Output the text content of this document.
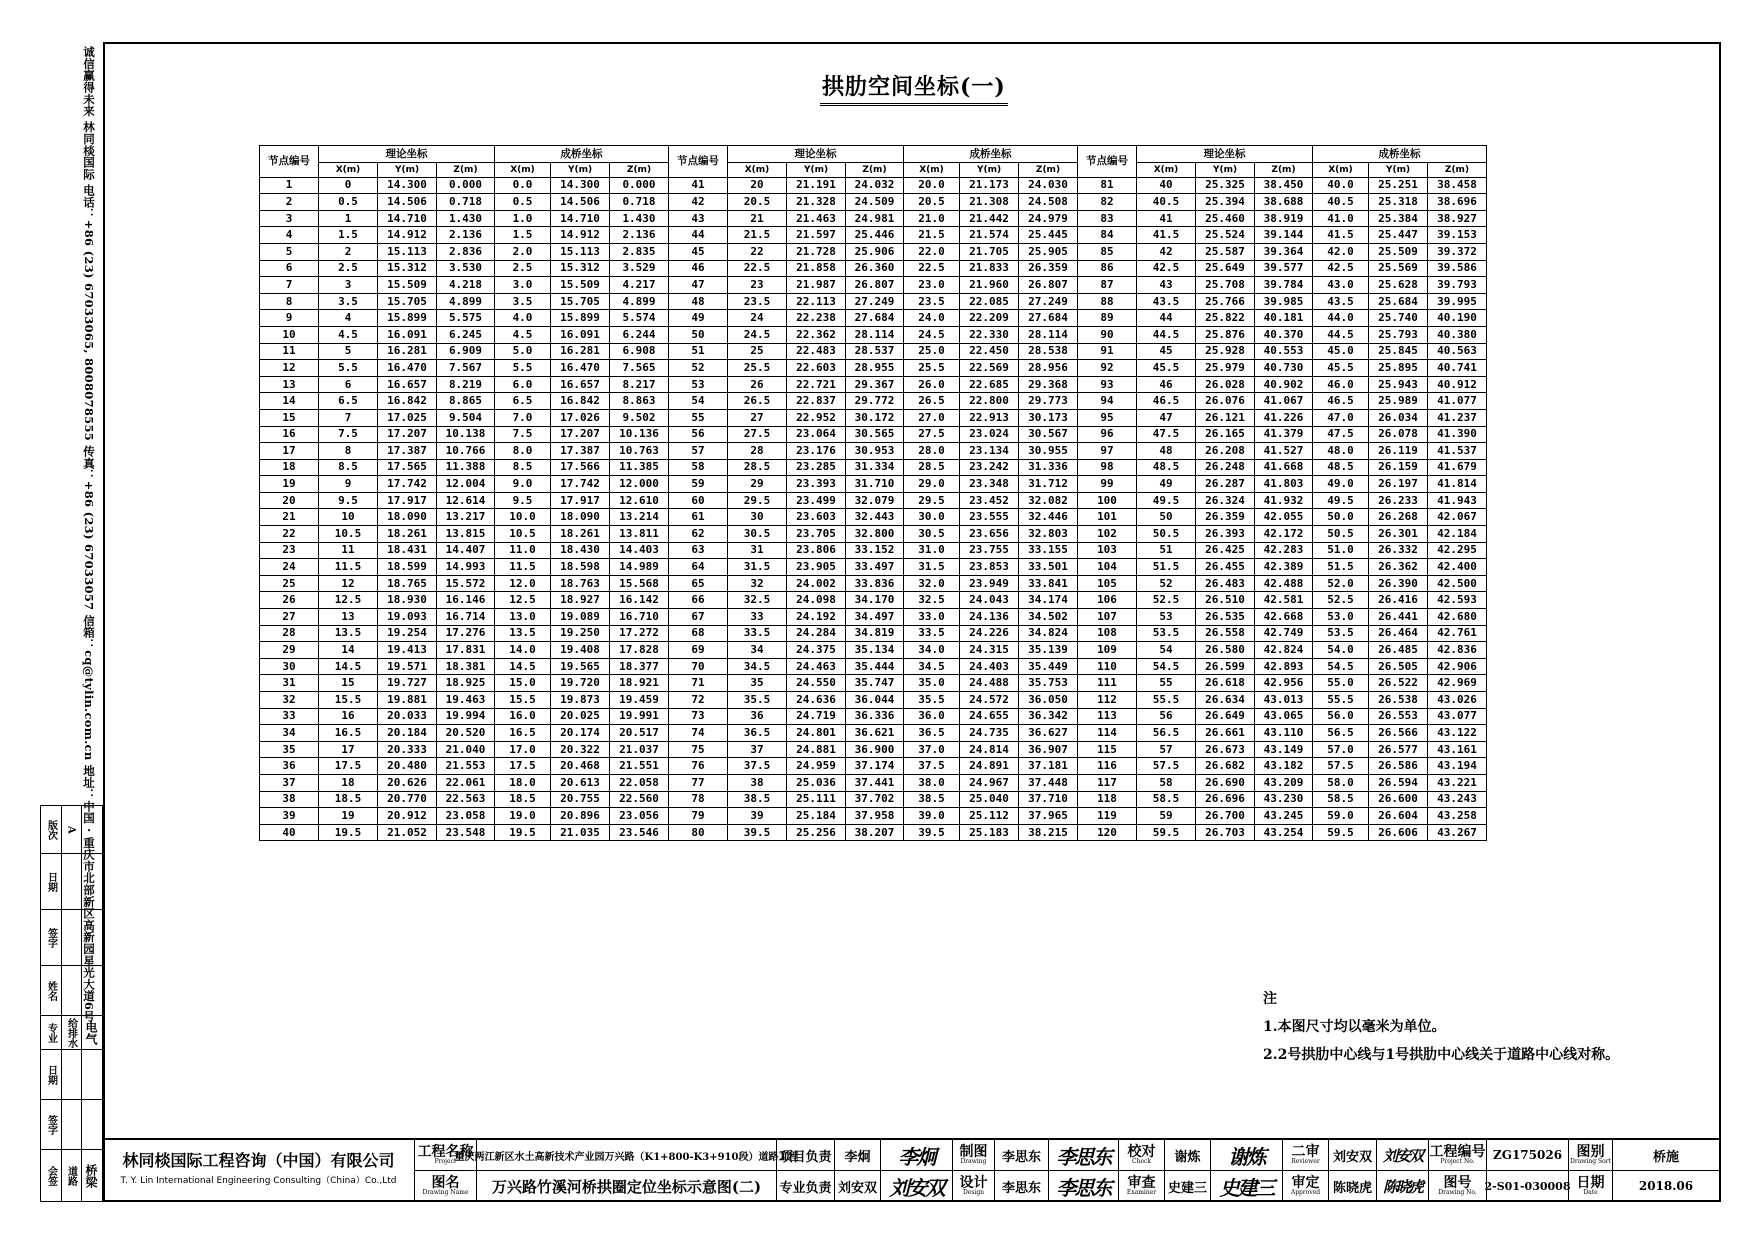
诚信赢得未来 林同棪国际 电话：+86 (23) 67033065, 8008078555 传真：+86 (23) 67033057 信箱：cq@tylin.com.cn 地址：中国 · 重庆市北部新区高新园星光大道6号
版次 A
日期
签字
姓名
专业 给排水 电气
日期
签字
会签 道路 桥梁
拱肋空间坐标(一)
节点编号	理论坐标			成桥坐标			节点编号	理论坐标			成桥坐标			节点编号	理论坐标			成桥坐标		
	X(m)	Y(m)	Z(m)	X(m)	Y(m)	Z(m)		X(m)	Y(m)	Z(m)	X(m)	Y(m)	Z(m)		X(m)	Y(m)	Z(m)	X(m)	Y(m)	Z(m)
1	0	14.300	0.000	0.0	14.300	0.000	41	20	21.191	24.032	20.0	21.173	24.030	81	40	25.325	38.450	40.0	25.251	38.458
2	0.5	14.506	0.718	0.5	14.506	0.718	42	20.5	21.328	24.509	20.5	21.308	24.508	82	40.5	25.394	38.688	40.5	25.318	38.696
3	1	14.710	1.430	1.0	14.710	1.430	43	21	21.463	24.981	21.0	21.442	24.979	83	41	25.460	38.919	41.0	25.384	38.927
4	1.5	14.912	2.136	1.5	14.912	2.136	44	21.5	21.597	25.446	21.5	21.574	25.445	84	41.5	25.524	39.144	41.5	25.447	39.153
5	2	15.113	2.836	2.0	15.113	2.835	45	22	21.728	25.906	22.0	21.705	25.905	85	42	25.587	39.364	42.0	25.509	39.372
6	2.5	15.312	3.530	2.5	15.312	3.529	46	22.5	21.858	26.360	22.5	21.833	26.359	86	42.5	25.649	39.577	42.5	25.569	39.586
7	3	15.509	4.218	3.0	15.509	4.217	47	23	21.987	26.807	23.0	21.960	26.807	87	43	25.708	39.784	43.0	25.628	39.793
8	3.5	15.705	4.899	3.5	15.705	4.899	48	23.5	22.113	27.249	23.5	22.085	27.249	88	43.5	25.766	39.985	43.5	25.684	39.995
9	4	15.899	5.575	4.0	15.899	5.574	49	24	22.238	27.684	24.0	22.209	27.684	89	44	25.822	40.181	44.0	25.740	40.190
10	4.5	16.091	6.245	4.5	16.091	6.244	50	24.5	22.362	28.114	24.5	22.330	28.114	90	44.5	25.876	40.370	44.5	25.793	40.380
11	5	16.281	6.909	5.0	16.281	6.908	51	25	22.483	28.537	25.0	22.450	28.538	91	45	25.928	40.553	45.0	25.845	40.563
12	5.5	16.470	7.567	5.5	16.470	7.565	52	25.5	22.603	28.955	25.5	22.569	28.956	92	45.5	25.979	40.730	45.5	25.895	40.741
13	6	16.657	8.219	6.0	16.657	8.217	53	26	22.721	29.367	26.0	22.685	29.368	93	46	26.028	40.902	46.0	25.943	40.912
14	6.5	16.842	8.865	6.5	16.842	8.863	54	26.5	22.837	29.772	26.5	22.800	29.773	94	46.5	26.076	41.067	46.5	25.989	41.077
15	7	17.025	9.504	7.0	17.026	9.502	55	27	22.952	30.172	27.0	22.913	30.173	95	47	26.121	41.226	47.0	26.034	41.237
16	7.5	17.207	10.138	7.5	17.207	10.136	56	27.5	23.064	30.565	27.5	23.024	30.567	96	47.5	26.165	41.379	47.5	26.078	41.390
17	8	17.387	10.766	8.0	17.387	10.763	57	28	23.176	30.953	28.0	23.134	30.955	97	48	26.208	41.527	48.0	26.119	41.537
18	8.5	17.565	11.388	8.5	17.566	11.385	58	28.5	23.285	31.334	28.5	23.242	31.336	98	48.5	26.248	41.668	48.5	26.159	41.679
19	9	17.742	12.004	9.0	17.742	12.000	59	29	23.393	31.710	29.0	23.348	31.712	99	49	26.287	41.803	49.0	26.197	41.814
20	9.5	17.917	12.614	9.5	17.917	12.610	60	29.5	23.499	32.079	29.5	23.452	32.082	100	49.5	26.324	41.932	49.5	26.233	41.943
21	10	18.090	13.217	10.0	18.090	13.214	61	30	23.603	32.443	30.0	23.555	32.446	101	50	26.359	42.055	50.0	26.268	42.067
22	10.5	18.261	13.815	10.5	18.261	13.811	62	30.5	23.705	32.800	30.5	23.656	32.803	102	50.5	26.393	42.172	50.5	26.301	42.184
23	11	18.431	14.407	11.0	18.430	14.403	63	31	23.806	33.152	31.0	23.755	33.155	103	51	26.425	42.283	51.0	26.332	42.295
24	11.5	18.599	14.993	11.5	18.598	14.989	64	31.5	23.905	33.497	31.5	23.853	33.501	104	51.5	26.455	42.389	51.5	26.362	42.400
25	12	18.765	15.572	12.0	18.763	15.568	65	32	24.002	33.836	32.0	23.949	33.841	105	52	26.483	42.488	52.0	26.390	42.500
26	12.5	18.930	16.146	12.5	18.927	16.142	66	32.5	24.098	34.170	32.5	24.043	34.174	106	52.5	26.510	42.581	52.5	26.416	42.593
27	13	19.093	16.714	13.0	19.089	16.710	67	33	24.192	34.497	33.0	24.136	34.502	107	53	26.535	42.668	53.0	26.441	42.680
28	13.5	19.254	17.276	13.5	19.250	17.272	68	33.5	24.284	34.819	33.5	24.226	34.824	108	53.5	26.558	42.749	53.5	26.464	42.761
29	14	19.413	17.831	14.0	19.408	17.828	69	34	24.375	35.134	34.0	24.315	35.139	109	54	26.580	42.824	54.0	26.485	42.836
30	14.5	19.571	18.381	14.5	19.565	18.377	70	34.5	24.463	35.444	34.5	24.403	35.449	110	54.5	26.599	42.893	54.5	26.505	42.906
31	15	19.727	18.925	15.0	19.720	18.921	71	35	24.550	35.747	35.0	24.488	35.753	111	55	26.618	42.956	55.0	26.522	42.969
32	15.5	19.881	19.463	15.5	19.873	19.459	72	35.5	24.636	36.044	35.5	24.572	36.050	112	55.5	26.634	43.013	55.5	26.538	43.026
33	16	20.033	19.994	16.0	20.025	19.991	73	36	24.719	36.336	36.0	24.655	36.342	113	56	26.649	43.065	56.0	26.553	43.077
34	16.5	20.184	20.520	16.5	20.174	20.517	74	36.5	24.801	36.621	36.5	24.735	36.627	114	56.5	26.661	43.110	56.5	26.566	43.122
35	17	20.333	21.040	17.0	20.322	21.037	75	37	24.881	36.900	37.0	24.814	36.907	115	57	26.673	43.149	57.0	26.577	43.161
36	17.5	20.480	21.553	17.5	20.468	21.551	76	37.5	24.959	37.174	37.5	24.891	37.181	116	57.5	26.682	43.182	57.5	26.586	43.194
37	18	20.626	22.061	18.0	20.613	22.058	77	38	25.036	37.441	38.0	24.967	37.448	117	58	26.690	43.209	58.0	26.594	43.221
38	18.5	20.770	22.563	18.5	20.755	22.560	78	38.5	25.111	37.702	38.5	25.040	37.710	118	58.5	26.696	43.230	58.5	26.600	43.243
39	19	20.912	23.058	19.0	20.896	23.056	79	39	25.184	37.958	39.0	25.112	37.965	119	59	26.700	43.245	59.0	26.604	43.258
40	19.5	21.052	23.548	19.5	21.035	23.546	80	39.5	25.256	38.207	39.5	25.183	38.215	120	59.5	26.703	43.254	59.5	26.606	43.267
注
1.本图尺寸均以毫米为单位。
2.2号拱肋中心线与1号拱肋中心线关于道路中心线对称。
林同棪国际工程咨询（中国）有限公司
T. Y. Lin International Engineering Consulting（China）Co.,Ltd
工程名称
Project
重庆两江新区水土高新技术产业园万兴路（K1+800-K3+910段）道路工程
图名
Drawing Name	万兴路竹溪河桥拱圈定位坐标示意图(二)
项目负责 李炯	李炯
专业负责 刘安双 刘安双
制图
Drawing	李思东 李思东
设计
Design	李思东 李思东
校对
Check	谢炼	谢炼
审查
Examiner 史建三 史建三
二审
Reviewer	刘安双 刘安双
审定
Approved 陈晓虎 陈晓虎
工程编号
Project No.	ZG175026	图别
Drawing Sort	桥施
图号
Drawing No. 2-S01-030008 日期
Date	2018.06
